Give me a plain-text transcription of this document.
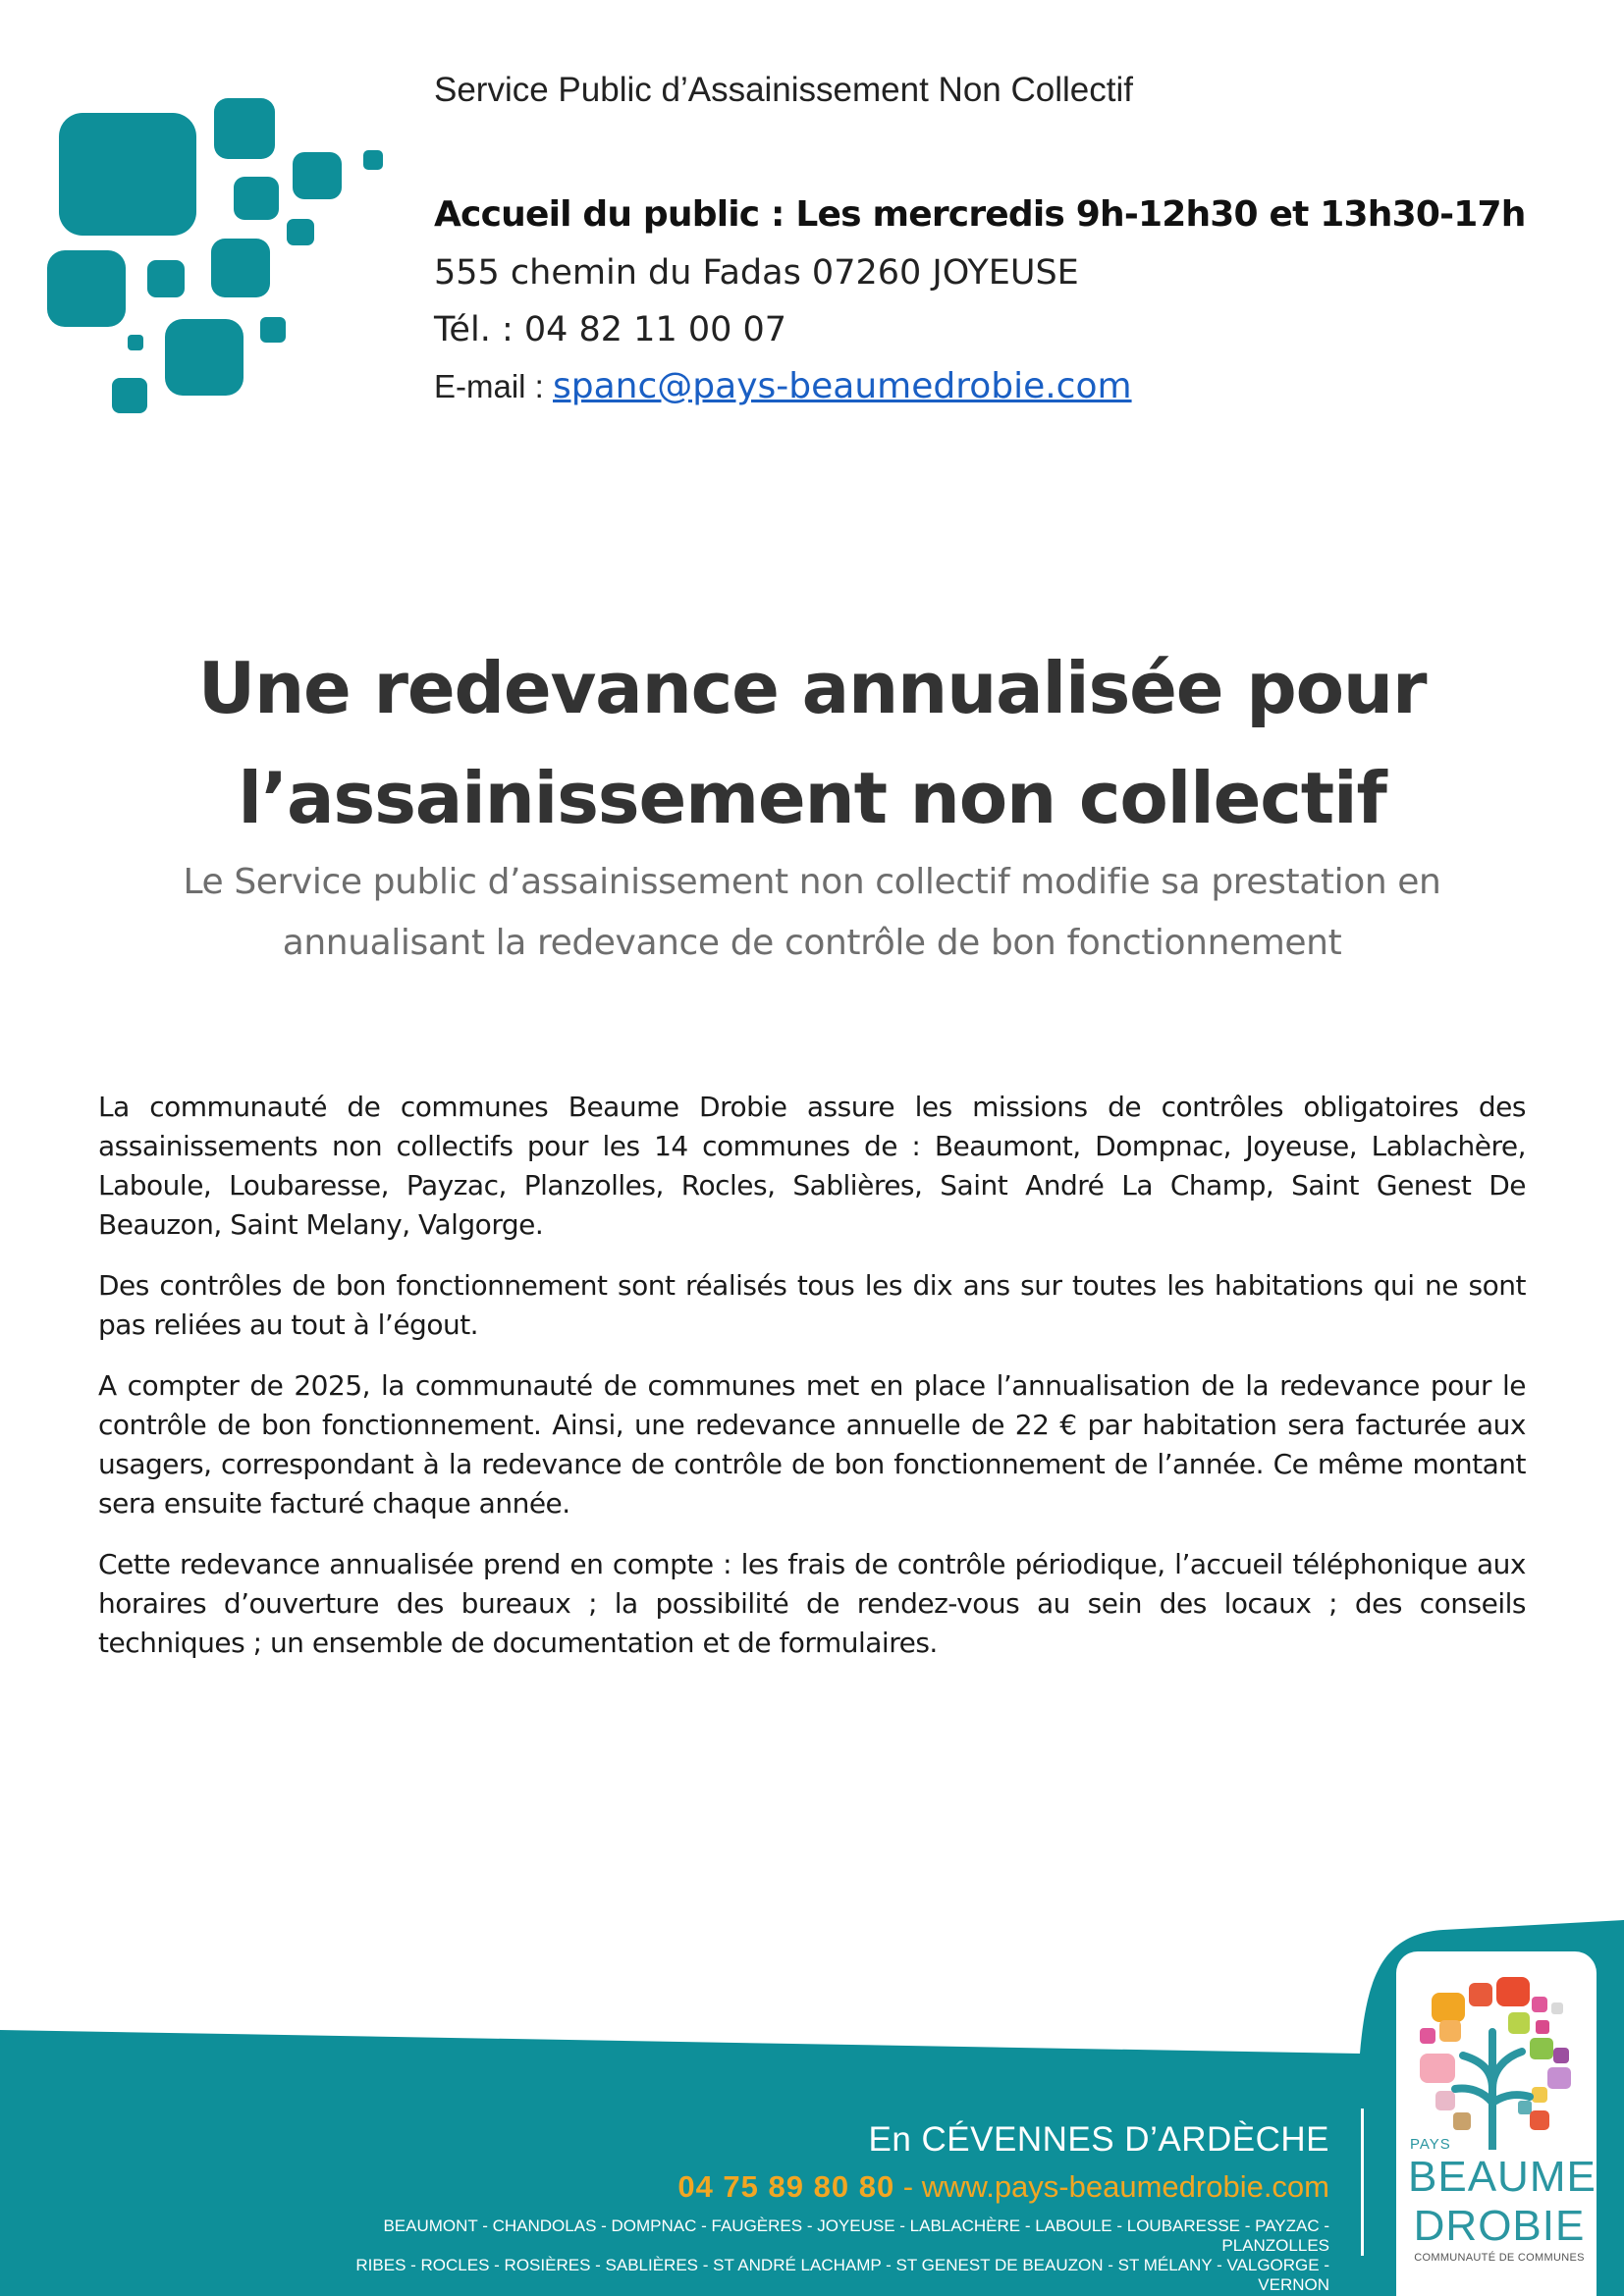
Service Public d’Assainissement Non Collectif
Accueil du public : Les mercredis 9h-12h30 et 13h30-17h
555 chemin du Fadas 07260 JOYEUSE
Tél. : 04 82 11 00 07
E-mail : spanc@pays-beaumedrobie.com
Une redevance annualisée pour
l’assainissement non collectif
Le Service public d’assainissement non collectif modifie sa prestation en
annualisant la redevance de contrôle de bon fonctionnement

La communauté de communes Beaume Drobie assure les missions de contrôles obligatoires des assainissements non collectifs pour les 14 communes de : Beaumont, Dompnac, Joyeuse, Lablachère, Laboule, Loubaresse, Payzac, Planzolles, Rocles, Sablières, Saint André La Champ, Saint Genest De Beauzon, Saint Melany, Valgorge.

Des contrôles de bon fonctionnement sont réalisés tous les dix ans sur toutes les habitations qui ne sont pas reliées au tout à l’égout.

A compter de 2025, la communauté de communes met en place l’annualisation de la redevance pour le contrôle de bon fonctionnement. Ainsi, une redevance annuelle de 22 € par habitation sera facturée aux usagers, correspondant à la redevance de contrôle de bon fonctionnement de l’année. Ce même montant sera ensuite facturé chaque année.

Cette redevance annualisée prend en compte : les frais de contrôle périodique, l’accueil téléphonique aux horaires d’ouverture des bureaux ; la possibilité de rendez-vous au sein des locaux ; des conseils techniques ; un ensemble de documentation et de formulaires.

En CÉVENNES D’ARDÈCHE
04 75 89 80 80 - www.pays-beaumedrobie.com
BEAUMONT - CHANDOLAS - DOMPNAC - FAUGÈRES - JOYEUSE - LABLACHÈRE - LABOULE - LOUBARESSE - PAYZAC - PLANZOLLES
RIBES - ROCLES - ROSIÈRES - SABLIÈRES - ST ANDRÉ LACHAMP - ST GENEST DE BEAUZON - ST MÉLANY - VALGORGE - VERNON
PAYS
BEAUME
DROBIE
COMMUNAUTÉ DE COMMUNES
